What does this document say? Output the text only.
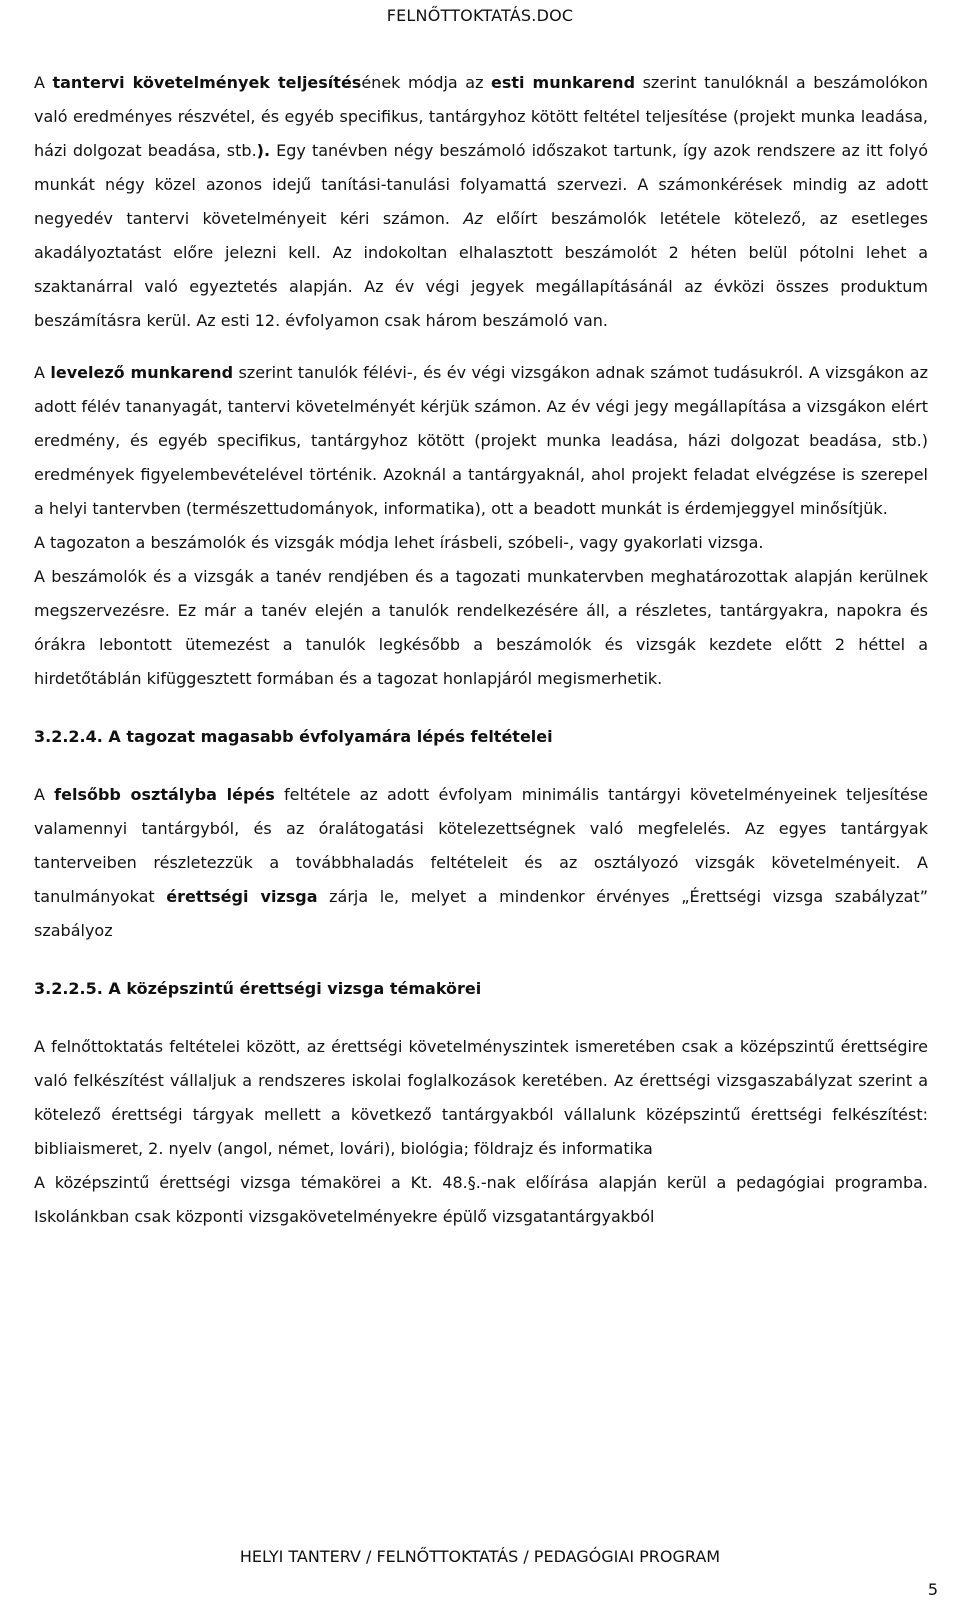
FELNŐTTOKTATÁS.DOC

A tantervi követelmények teljesítésének módja az esti munkarend szerint tanulóknál a beszámolókon való eredményes részvétel, és egyéb specifikus, tantárgyhoz kötött feltétel teljesítése (projekt munka leadása, házi dolgozat beadása, stb.). Egy tanévben négy beszámoló időszakot tartunk, így azok rendszere az itt folyó munkát négy közel azonos idejű tanítási-tanulási folyamattá szervezi. A számonkérések mindig az adott negyedév tantervi követelményeit kéri számon. Az előírt beszámolók letétele kötelező, az esetleges akadályoztatást előre jelezni kell. Az indokoltan elhalasztott beszámolót 2 héten belül pótolni lehet a szaktanárral való egyeztetés alapján. Az év végi jegyek megállapításánál az évközi összes produktum beszámításra kerül. Az esti 12. évfolyamon csak három beszámoló van.

A levelező munkarend szerint tanulók félévi-, és év végi vizsgákon adnak számot tudásukról. A vizsgákon az adott félév tananyagát, tantervi követelményét kérjük számon. Az év végi jegy megállapítása a vizsgákon elért eredmény, és egyéb specifikus, tantárgyhoz kötött (projekt munka leadása, házi dolgozat beadása, stb.) eredmények figyelembevételével történik. Azoknál a tantárgyaknál, ahol projekt feladat elvégzése is szerepel a helyi tantervben (természettudományok, informatika), ott a beadott munkát is érdemjeggyel minősítjük.

A tagozaton a beszámolók és vizsgák módja lehet írásbeli, szóbeli-, vagy gyakorlati vizsga.

A beszámolók és a vizsgák a tanév rendjében és a tagozati munkatervben meghatározottak alapján kerülnek megszervezésre. Ez már a tanév elején a tanulók rendelkezésére áll, a részletes, tantárgyakra, napokra és órákra lebontott ütemezést a tanulók legkésőbb a beszámolók és vizsgák kezdete előtt 2 héttel a hirdetőtáblán kifüggesztett formában és a tagozat honlapjáról megismerhetik.

3.2.2.4. A tagozat magasabb évfolyamára lépés feltételei

A felsőbb osztályba lépés feltétele az adott évfolyam minimális tantárgyi követelményeinek teljesítése valamennyi tantárgyból, és az óralátogatási kötelezettségnek való megfelelés. Az egyes tantárgyak tanterveiben részletezzük a továbbhaladás feltételeit és az osztályozó vizsgák követelményeit. A tanulmányokat érettségi vizsga zárja le, melyet a mindenkor érvényes „Érettségi vizsga szabályzat” szabályoz

3.2.2.5. A középszintű érettségi vizsga témakörei

A felnőttoktatás feltételei között, az érettségi követelményszintek ismeretében csak a középszintű érettségire való felkészítést vállaljuk a rendszeres iskolai foglalkozások keretében. Az érettségi vizsgaszabályzat szerint a kötelező érettségi tárgyak mellett a következő tantárgyakból vállalunk középszintű érettségi felkészítést: bibliaismeret, 2. nyelv (angol, német, lovári), biológia; földrajz és informatika

A középszintű érettségi vizsga témakörei a Kt. 48.§.-nak előírása alapján kerül a pedagógiai programba. Iskolánkban csak központi vizsgakövetelményekre épülő vizsgatantárgyakból

HELYI TANTERV / FELNŐTTOKTATÁS / PEDAGÓGIAI PROGRAM
5
